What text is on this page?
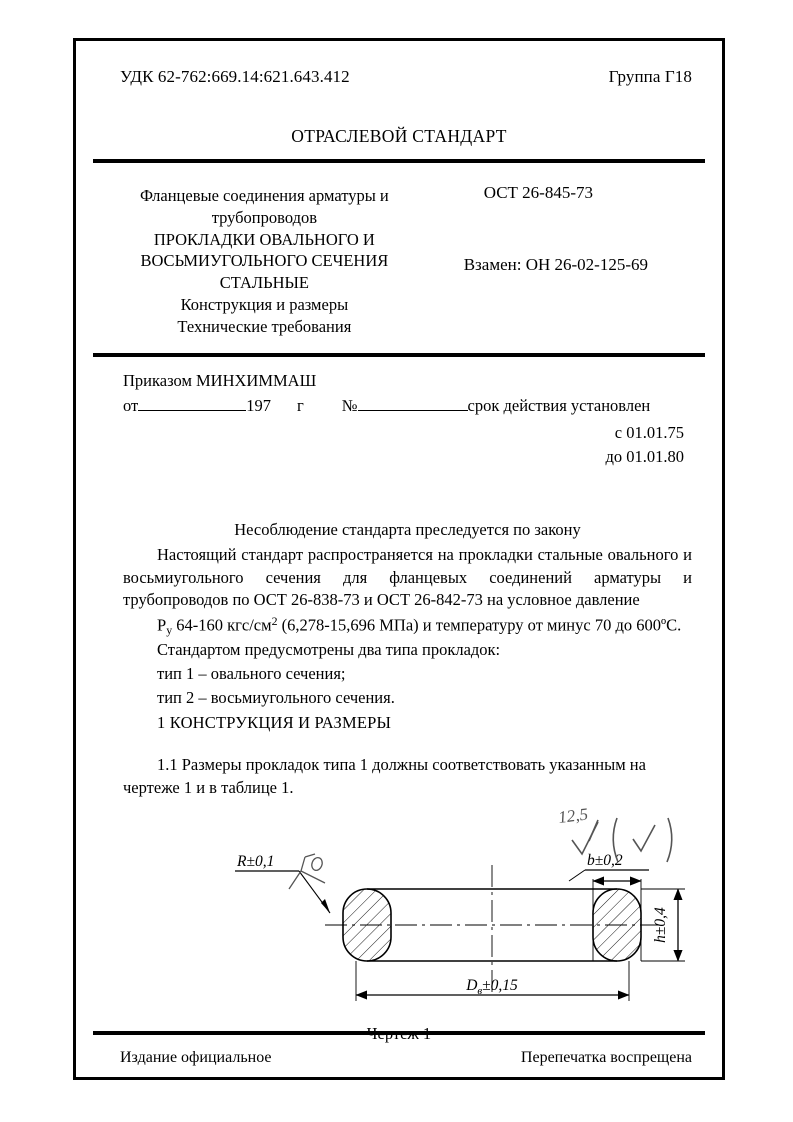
УДК 62-762:669.14:621.643.412	Группа Г18
ОТРАСЛЕВОЙ СТАНДАРТ
Фланцевые соединения арматуры и
трубопроводов
ПРОКЛАДКИ ОВАЛЬНОГО И
ВОСЬМИУГОЛЬНОГО СЕЧЕНИЯ
СТАЛЬНЫЕ
Конструкция и размеры
Технические требования
ОСТ 26-845-73
Взамен: ОН 26-02-125-69
Приказом МИНХИММАШ
от	197 г №	срок действия установлен
с 01.01.75
до 01.01.80
Несоблюдение стандарта преследуется по закону

Настоящий стандарт распространяется на прокладки стальные овального и восьмиугольного сечения для фланцевых соединений арматуры и трубопроводов по ОСТ 26-838-73 и ОСТ 26-842-73 на условное давление

$Р_у$ 64-160 кгс/$см^2$ (6,278-15,696 МПа) и температуру от минус 70 до 600ºС.
Стандартом предусмотрены два типа прокладок:
тип 1 – овального сечения;
тип 2 – восьмиугольного сечения.
1 КОНСТРУКЦИЯ И РАЗМЕРЫ
1.1 Размеры прокладок типа 1 должны соответствовать указанным на чертеже 1 и в таблице 1.
12,5
R±0,1	b±0,2
h±0,4
$D_в\pm 0,15$
Издание официальное	Перепечатка воспрещена
